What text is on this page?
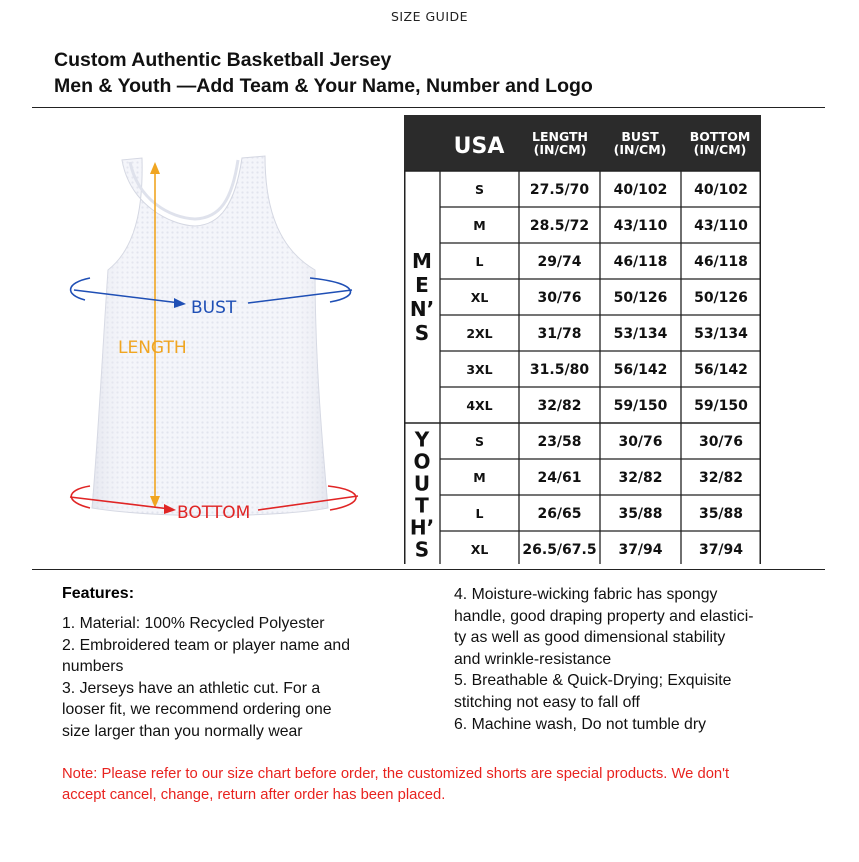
SIZE GUIDE
Custom Authentic Basketball Jersey
Men & Youth —Add Team & Your Name, Number and Logo
LENGTH
BUST
BOTTOM
USA LENGTH
(IN/CM)
BUST
(IN/CM)
BOTTOM
(IN/CM)
M
E
N’
S
S	27.5/70 40/102 40/102
M	28.5/72 43/110 43/110
L	29/74 46/118 46/118
XL	30/76 50/126 50/126
2XL	31/78 53/134 53/134
3XL	31.5/80 56/142 56/142
4XL	32/82 59/150 59/150
Y
O
U
T
H’
S
S	23/58	30/76	30/76
M	24/61	32/82	32/82
L	26/65	35/88	35/88
XL 26.5/67.5 37/94	37/94
Features:
1. Material: 100% Recycled Polyester
2. Embroidered team or player name and
numbers
3. Jerseys have an athletic cut. For a
looser fit, we recommend ordering one
size larger than you normally wear
4. Moisture-wicking fabric has spongy
handle, good draping property and elastici-
ty as well as good dimensional stability
and wrinkle-resistance
5. Breathable & Quick-Drying; Exquisite
stitching not easy to fall off
6. Machine wash, Do not tumble dry
Note: Please refer to our size chart before order, the customized shorts are special products. We don't
accept cancel, change, return after order has been placed.
